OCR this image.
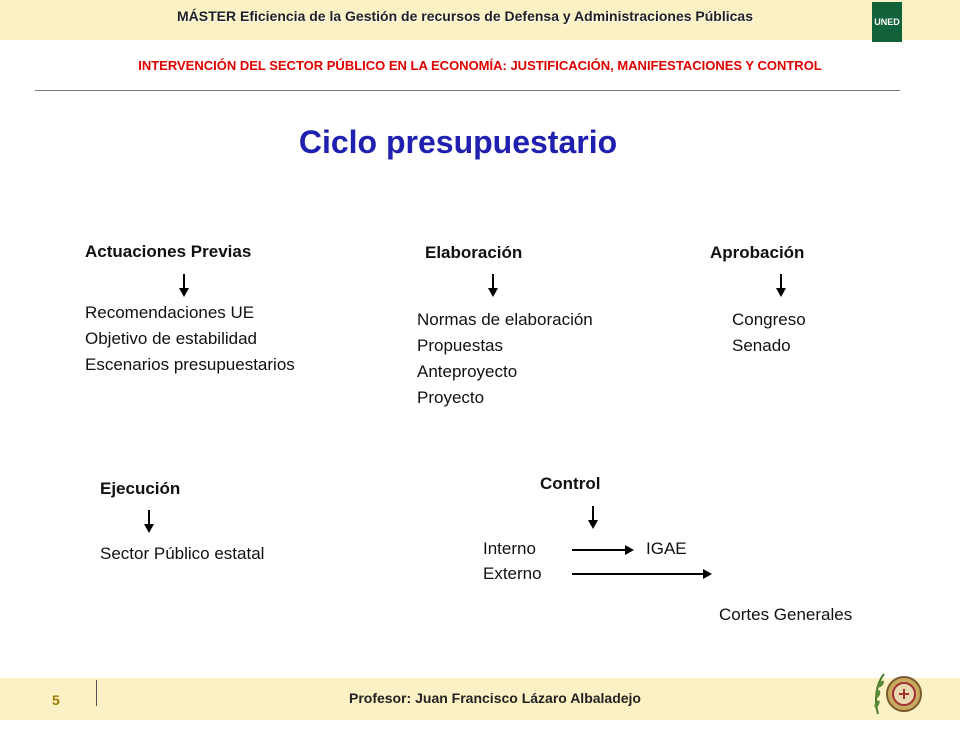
MÁSTER Eficiencia de la Gestión de recursos de Defensa y Administraciones Públicas	UNED
INTERVENCIÓN DEL SECTOR PÚBLICO EN LA ECONOMÍA: JUSTIFICACIÓN, MANIFESTACIONES Y CONTROL
Ciclo presupuestario
Actuaciones Previas
Recomendaciones UE
Objetivo de estabilidad
Escenarios presupuestarios
Elaboración
Normas de elaboración
Propuestas
Anteproyecto
Proyecto
Aprobación
Congreso
Senado
Ejecución
Sector Público estatal
Control
Interno
Externo
IGAE

Cortes Generales

5	Profesor: Juan Francisco Lázaro Albaladejo
